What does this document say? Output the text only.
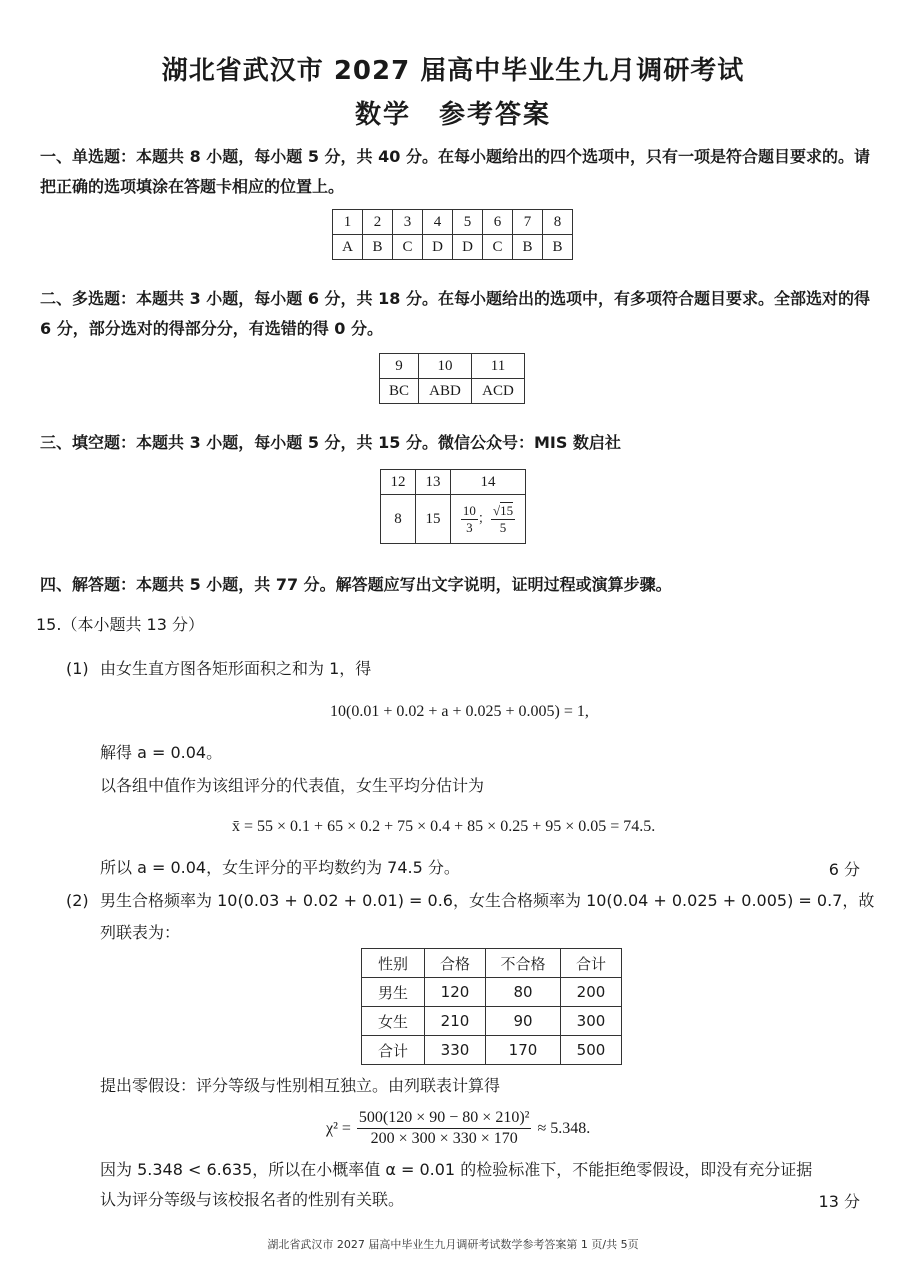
湖北省武汉市 2027 届高中毕业生九月调研考试
数学　参考答案
一、单选题：本题共 8 小题，每小题 5 分，共 40 分。在每小题给出的四个选项中，只有一项是符合题目要求的。请把正确的选项填涂在答题卡相应的位置上。
1	2	3	4	5	6	7	8
A	B	C	D	D	C	B	B
二、多选题：本题共 3 小题，每小题 6 分，共 18 分。在每小题给出的选项中，有多项符合题目要求。全部选对的得 6 分，部分选对的得部分分，有选错的得 0 分。
9	10	11
BC	ABD	ACD
三、填空题：本题共 3 小题，每小题 5 分，共 15 分。微信公众号：MIS 数启社
12	13	14
8	15	$\frac{10}{3}$ ； $\frac{√15}{5}$
四、解答题：本题共 5 小题，共 77 分。解答题应写出文字说明，证明过程或演算步骤。
15.（本小题共 13 分）
(1) 由女生直方图各矩形面积之和为 1，得
10(0.01 + 0.02 + a + 0.025 + 0.005) = 1,
解得 a = 0.04。
以各组中值作为该组评分的代表值，女生平均分估计为
x̄ = 55 × 0.1 + 65 × 0.2 + 75 × 0.4 + 85 × 0.25 + 95 × 0.05 = 74.5.
所以 a = 0.04，女生评分的平均数约为 74.5 分。	6 分
(2) 男生合格频率为 10(0.03 + 0.02 + 0.01) = 0.6，女生合格频率为 10(0.04 + 0.025 + 0.005) = 0.7，故
列联表为：
性别	合格	不合格	合计
男生	120	80	200
女生	210	90	300
合计	330	170	500
提出零假设：评分等级与性别相互独立。由列联表计算得
$\chi^2 = \frac{\text{500(120 × 90 − 80 × 210)²}}{200 \times 300 \times 330 \times 170} \approx 5.348$.
因为 5.348 < 6.635，所以在小概率值 α = 0.01 的检验标准下，不能拒绝零假设，即没有充分证据
认为评分等级与该校报名者的性别有关联。	13 分
湖北省武汉市 2027 届高中毕业生九月调研考试数学参考答案第 1 页/共 5页
